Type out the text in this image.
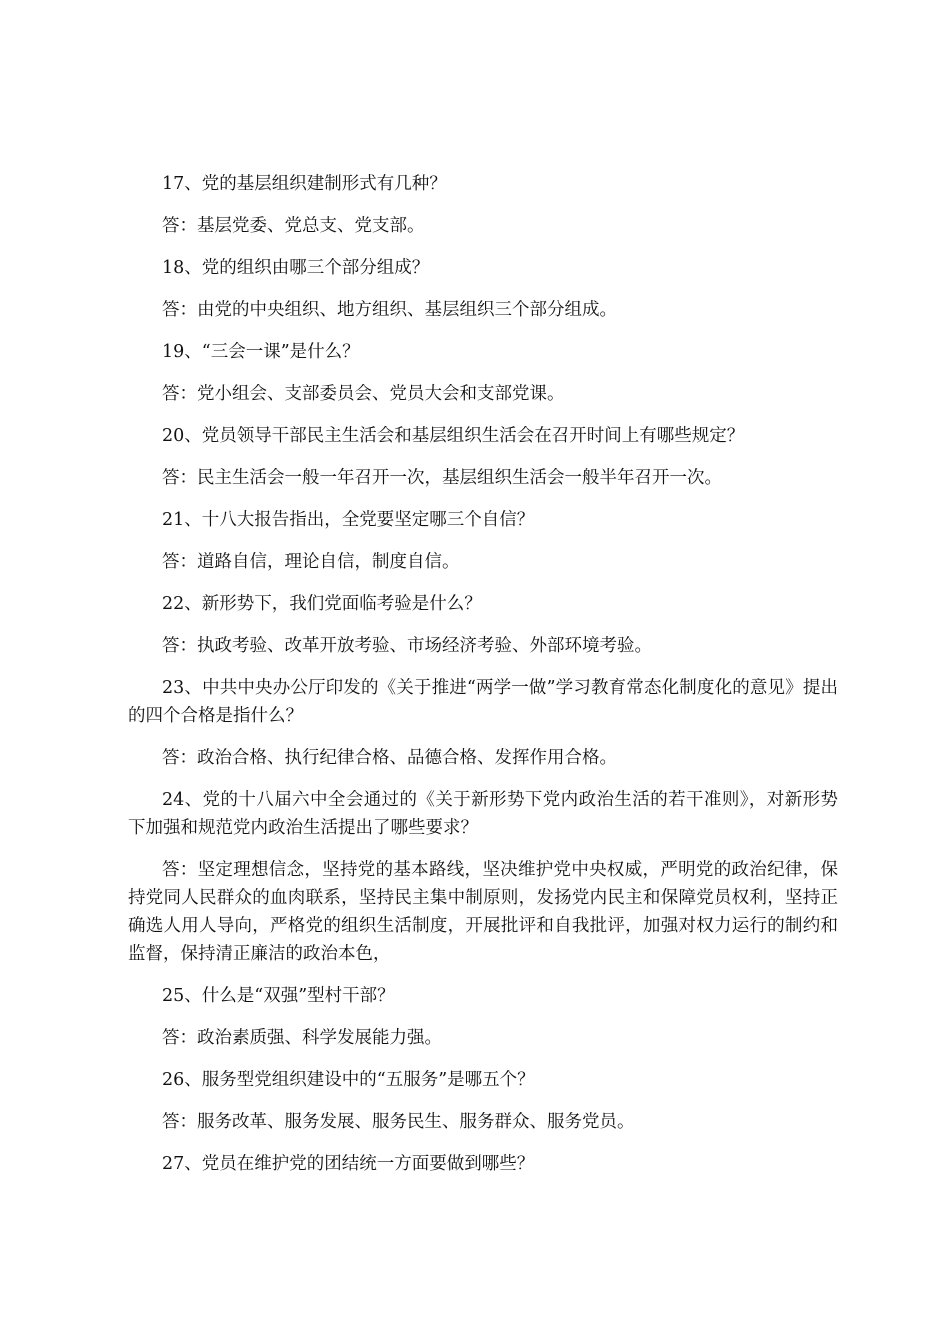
17、党的基层组织建制形式有几种？

答：基层党委、党总支、党支部。

18、党的组织由哪三个部分组成？

答：由党的中央组织、地方组织、基层组织三个部分组成。

19、“三会一课”是什么？

答：党小组会、支部委员会、党员大会和支部党课。

20、党员领导干部民主生活会和基层组织生活会在召开时间上有哪些规定？

答：民主生活会一般一年召开一次，基层组织生活会一般半年召开一次。

21、十八大报告指出，全党要坚定哪三个自信？

答：道路自信，理论自信，制度自信。

22、新形势下，我们党面临考验是什么？

答：执政考验、改革开放考验、市场经济考验、外部环境考验。

23、中共中央办公厅印发的《关于推进“两学一做”学习教育常态化制度化的意见》提出的四个合格是指什么？

答：政治合格、执行纪律合格、品德合格、发挥作用合格。

24、党的十八届六中全会通过的《关于新形势下党内政治生活的若干准则》，对新形势下加强和规范党内政治生活提出了哪些要求？

答：坚定理想信念，坚持党的基本路线，坚决维护党中央权威，严明党的政治纪律，保持党同人民群众的血肉联系，坚持民主集中制原则，发扬党内民主和保障党员权利，坚持正确选人用人导向，严格党的组织生活制度，开展批评和自我批评，加强对权力运行的制约和监督，保持清正廉洁的政治本色，

25、什么是“双强”型村干部？

答：政治素质强、科学发展能力强。

26、服务型党组织建设中的“五服务”是哪五个？

答：服务改革、服务发展、服务民生、服务群众、服务党员。

27、党员在维护党的团结统一方面要做到哪些？
